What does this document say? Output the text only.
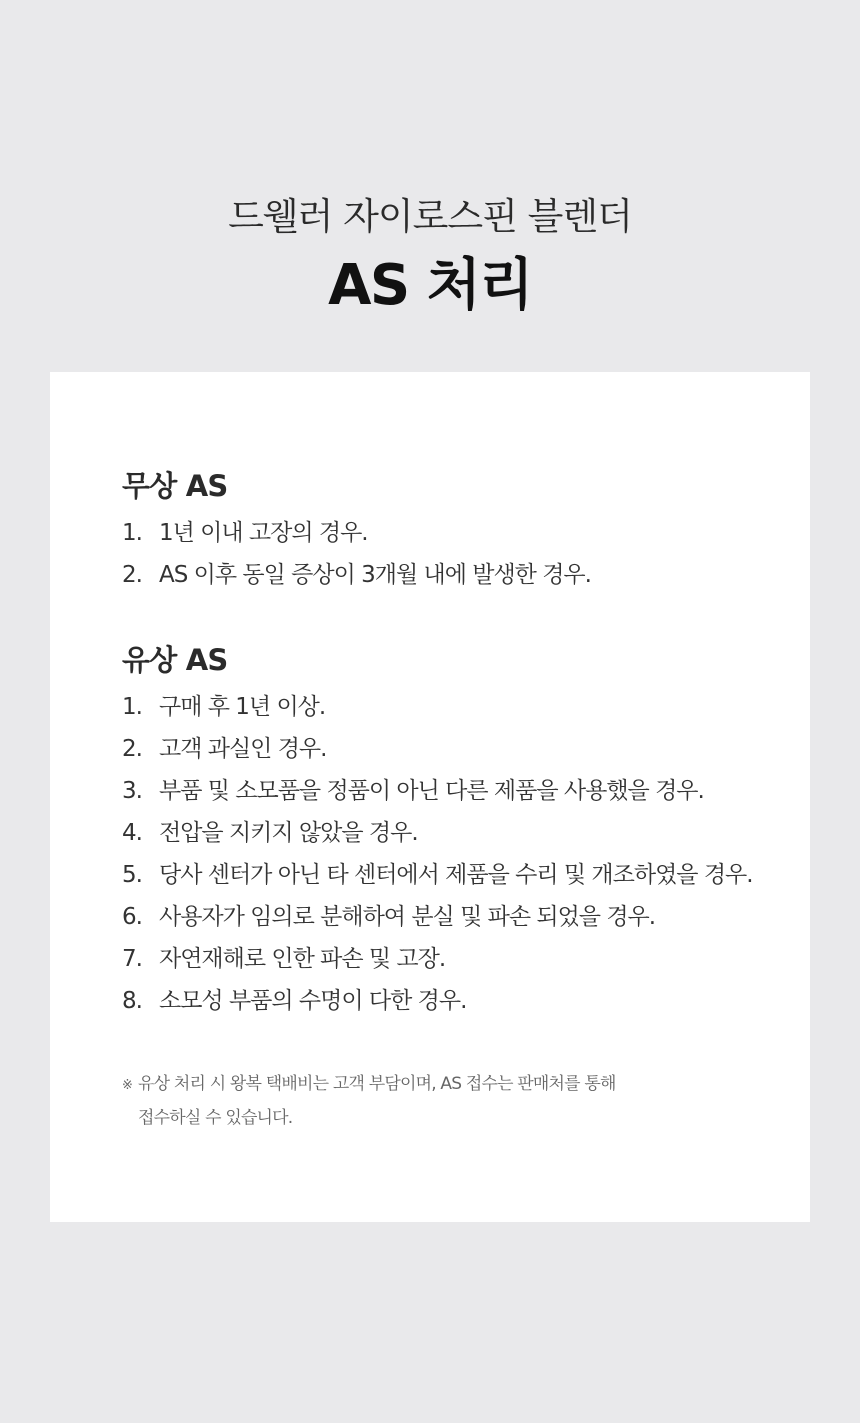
드웰러 자이로스핀 블렌더
AS 처리
무상 AS
1. 1년 이내 고장의 경우.
2. AS 이후 동일 증상이 3개월 내에 발생한 경우.
유상 AS
1. 구매 후 1년 이상.
2. 고객 과실인 경우.
3. 부품 및 소모품을 정품이 아닌 다른 제품을 사용했을 경우.
4. 전압을 지키지 않았을 경우.
5. 당사 센터가 아닌 타 센터에서 제품을 수리 및 개조하였을 경우.
6. 사용자가 임의로 분해하여 분실 및 파손 되었을 경우.
7. 자연재해로 인한 파손 및 고장.
8. 소모성 부품의 수명이 다한 경우.
※ 유상 처리 시 왕복 택배비는 고객 부담이며, AS 접수는 판매처를 통해
접수하실 수 있습니다.
